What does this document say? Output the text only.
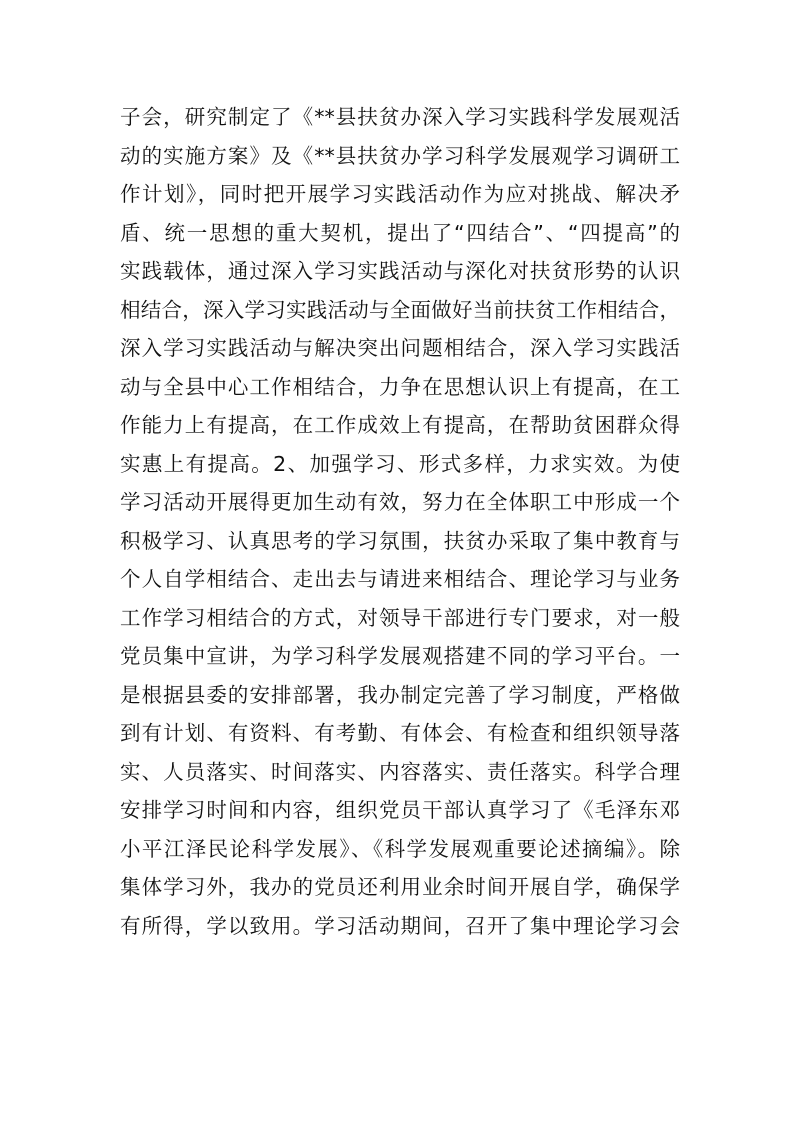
子会，研究制定了《**县扶贫办深入学习实践科学发展观活
动的实施方案》及《**县扶贫办学习科学发展观学习调研工
作计划》，同时把开展学习实践活动作为应对挑战、解决矛
盾、统一思想的重大契机，提出了“四结合”、“四提高”的
实践载体，通过深入学习实践活动与深化对扶贫形势的认识
相结合，深入学习实践活动与全面做好当前扶贫工作相结合，
深入学习实践活动与解决突出问题相结合，深入学习实践活
动与全县中心工作相结合，力争在思想认识上有提高，在工
作能力上有提高，在工作成效上有提高，在帮助贫困群众得
实惠上有提高。2、加强学习、形式多样，力求实效。为使
学习活动开展得更加生动有效，努力在全体职工中形成一个
积极学习、认真思考的学习氛围，扶贫办采取了集中教育与
个人自学相结合、走出去与请进来相结合、理论学习与业务
工作学习相结合的方式，对领导干部进行专门要求，对一般
党员集中宣讲，为学习科学发展观搭建不同的学习平台。一
是根据县委的安排部署，我办制定完善了学习制度，严格做
到有计划、有资料、有考勤、有体会、有检查和组织领导落
实、人员落实、时间落实、内容落实、责任落实。科学合理
安排学习时间和内容，组织党员干部认真学习了《毛泽东邓
小平江泽民论科学发展》、《科学发展观重要论述摘编》。除
集体学习外，我办的党员还利用业余时间开展自学，确保学
有所得，学以致用。学习活动期间，召开了集中理论学习会
